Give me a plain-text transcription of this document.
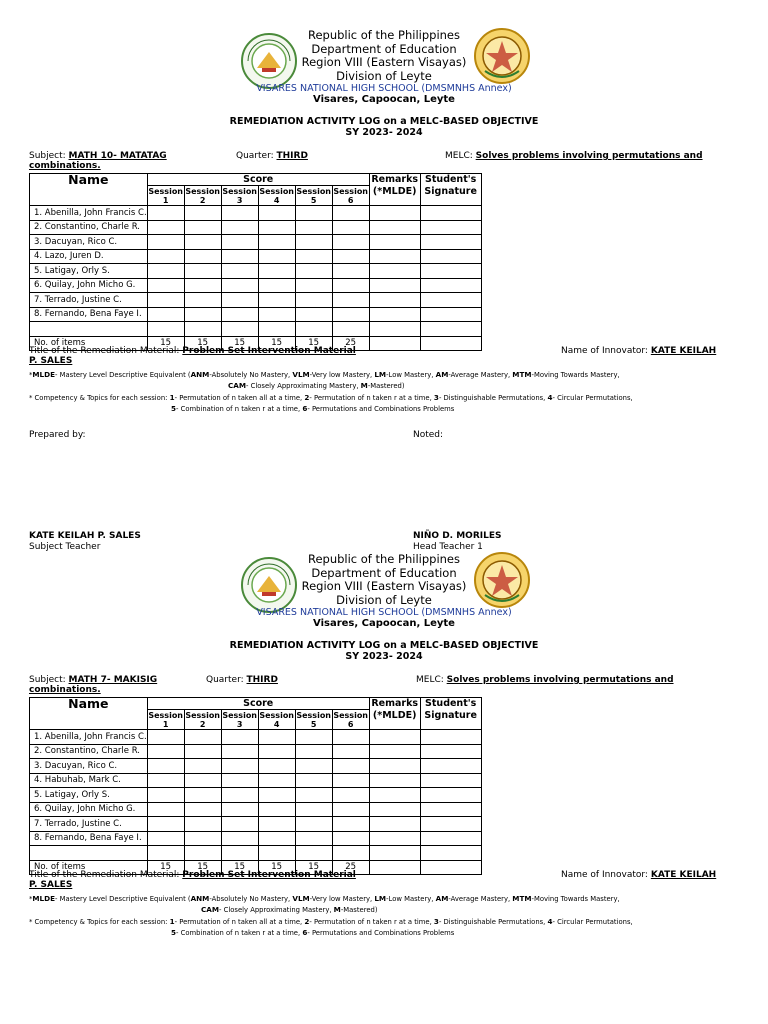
Republic of the Philippines
Department of Education
Region VIII (Eastern Visayas)
Division of Leyte
VISARES NATIONAL HIGH SCHOOL (DMSMNHS Annex)
Visares, Capoocan, Leyte
REMEDIATION ACTIVITY LOG on a MELC-BASED OBJECTIVE
SY 2023- 2024
Subject: MATH 10- MATATAG	Quarter: THIRD	MELC: Solves problems involving permutations and
combinations.
Name	Score						Remarks (*MLDE)	Student's Signature

	Session 1	Session 2	Session 3	Session 4	Session 5	Session 6		

1. Abenilla, John Francis C.								
2. Constantino, Charle R.								
3. Dacuyan, Rico C.								
4. Lazo, Juren D.								
5. Latigay, Orly S.								
6. Quilay, John Micho G.								
7. Terrado, Justine C.								
8. Fernando, Bena Faye I.								

No. of items	15	15	15	15	15	25		
Title of the Remediation Material: Problem Set Intervention Material	Name of Innovator: KATE KEILAH
P. SALES
*MLDE- Mastery Level Descriptive Equivalent (ANM-Absolutely No Mastery, VLM-Very low Mastery, LM-Low Mastery, AM-Average Mastery, MTM-Moving Towards Mastery,
CAM- Closely Approximating Mastery, M-Mastered)
* Competency & Topics for each session: 1- Permutation of n taken all at a time, 2- Permutation of n taken r at a time, 3- Distinguishable Permutations, 4- Circular Permutations,
5- Combination of n taken r at a time, 6- Permutations and Combinations Problems
Prepared by:	Noted:
KATE KEILAH P. SALES
Subject Teacher
NIÑO D. MORILES
Head Teacher 1
Republic of the Philippines
Department of Education
Region VIII (Eastern Visayas)
Division of Leyte
VISARES NATIONAL HIGH SCHOOL (DMSMNHS Annex)
Visares, Capoocan, Leyte
REMEDIATION ACTIVITY LOG on a MELC-BASED OBJECTIVE
SY 2023- 2024
Subject: MATH 7- MAKISIG	Quarter: THIRD	MELC: Solves problems involving permutations and
combinations.
Name	Score						Remarks (*MLDE)	Student's Signature

	Session 1	Session 2	Session 3	Session 4	Session 5	Session 6		

1. Abenilla, John Francis C.								
2. Constantino, Charle R.								
3. Dacuyan, Rico C.								
4. Habuhab, Mark C.								
5. Latigay, Orly S.								
6. Quilay, John Micho G.								
7. Terrado, Justine C.								
8. Fernando, Bena Faye I.								

No. of items	15	15	15	15	15	25		
Title of the Remediation Material: Problem Set Intervention Material	Name of Innovator: KATE KEILAH
P. SALES
*MLDE- Mastery Level Descriptive Equivalent (ANM-Absolutely No Mastery, VLM-Very low Mastery, LM-Low Mastery, AM-Average Mastery, MTM-Moving Towards Mastery,
CAM- Closely Approximating Mastery, M-Mastered)
* Competency & Topics for each session: 1- Permutation of n taken all at a time, 2- Permutation of n taken r at a time, 3- Distinguishable Permutations, 4- Circular Permutations,
5- Combination of n taken r at a time, 6- Permutations and Combinations Problems
